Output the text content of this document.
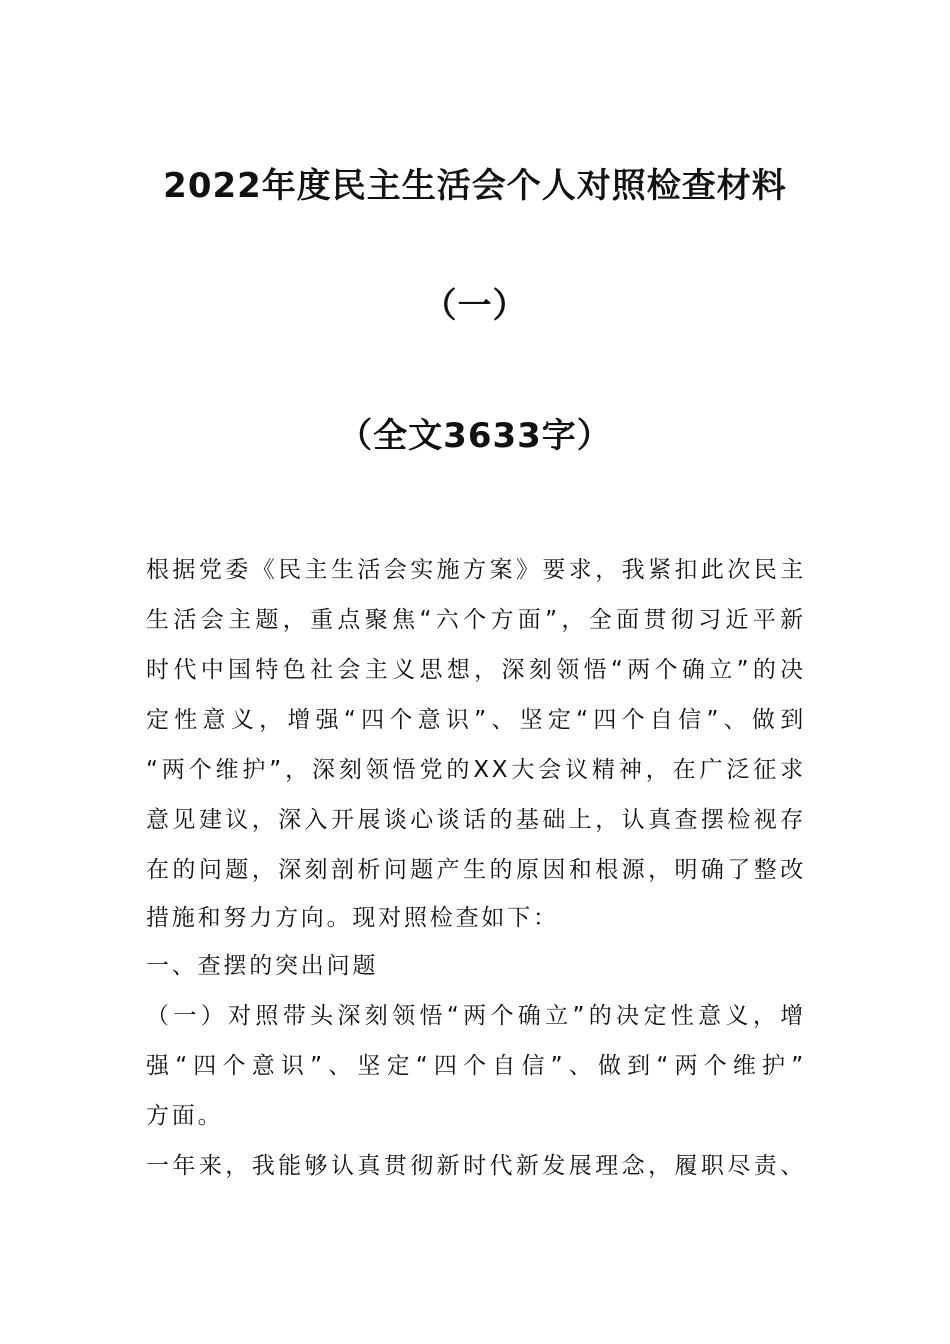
2022年度民主生活会个人对照检查材料
（一）
（全文3633字）
根据党委《民主生活会实施方案》要求，我紧扣此次民主
生活会主题，重点聚焦“六个方面”，全面贯彻习近平新
时代中国特色社会主义思想，深刻领悟“两个确立”的决
定性意义，增强“四个意识”、坚定“四个自信”、做到
“两个维护”，深刻领悟党的XX大会议精神，在广泛征求
意见建议，深入开展谈心谈话的基础上，认真查摆检视存
在的问题，深刻剖析问题产生的原因和根源，明确了整改
措施和努力方向。现对照检查如下：
一、查摆的突出问题
（一）对照带头深刻领悟“两个确立”的决定性意义，增
强“四个意识”、坚定“四个自信”、做到“两个维护”
方面。
一年来，我能够认真贯彻新时代新发展理念，履职尽责、
